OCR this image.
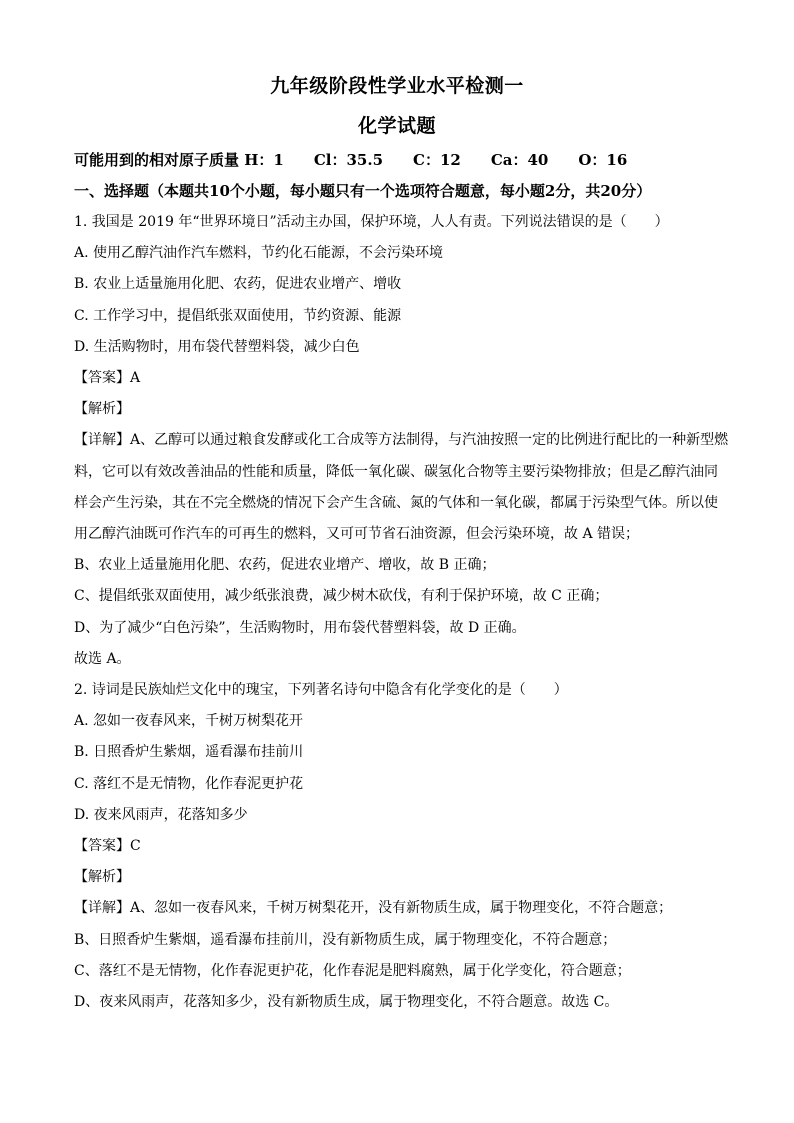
九年级阶段性学业水平检测一
化学试题
可能用到的相对原子质量 H：1　　Cl：35.5　　C：12　　Ca：40　　O：16
一、选择题（本题共10个小题，每小题只有一个选项符合题意，每小题2分，共20分）
1. 我国是 2019 年“世界环境日”活动主办国，保护环境，人人有责。下列说法错误的是（　　）
A. 使用乙醇汽油作汽车燃料，节约化石能源，不会污染环境
B. 农业上适量施用化肥、农药，促进农业增产、增收
C. 工作学习中，提倡纸张双面使用，节约资源、能源
D. 生活购物时，用布袋代替塑料袋，减少白色
【答案】A
【解析】
【详解】A、乙醇可以通过粮食发酵或化工合成等方法制得，与汽油按照一定的比例进行配比的一种新型燃
料，它可以有效改善油品的性能和质量，降低一氧化碳、碳氢化合物等主要污染物排放；但是乙醇汽油同
样会产生污染，其在不完全燃烧的情况下会产生含硫、氮的气体和一氧化碳，都属于污染型气体。所以使
用乙醇汽油既可作汽车的可再生的燃料，又可可节省石油资源，但会污染环境，故 A 错误；
B、农业上适量施用化肥、农药，促进农业增产、增收，故 B 正确；
C、提倡纸张双面使用，减少纸张浪费，减少树木砍伐，有利于保护环境，故 C 正确；
D、为了减少“白色污染”，生活购物时，用布袋代替塑料袋，故 D 正确。
故选 A。
2. 诗词是民族灿烂文化中的瑰宝，下列著名诗句中隐含有化学变化的是（　　）
A. 忽如一夜春风来，千树万树梨花开
B. 日照香炉生紫烟，遥看瀑布挂前川
C. 落红不是无情物，化作春泥更护花
D. 夜来风雨声，花落知多少
【答案】C
【解析】
【详解】A、忽如一夜春风来，千树万树梨花开，没有新物质生成，属于物理变化，不符合题意；
B、日照香炉生紫烟，遥看瀑布挂前川，没有新物质生成，属于物理变化，不符合题意；
C、落红不是无情物，化作春泥更护花，化作春泥是肥料腐熟，属于化学变化，符合题意；
D、夜来风雨声，花落知多少，没有新物质生成，属于物理变化，不符合题意。故选 C。
